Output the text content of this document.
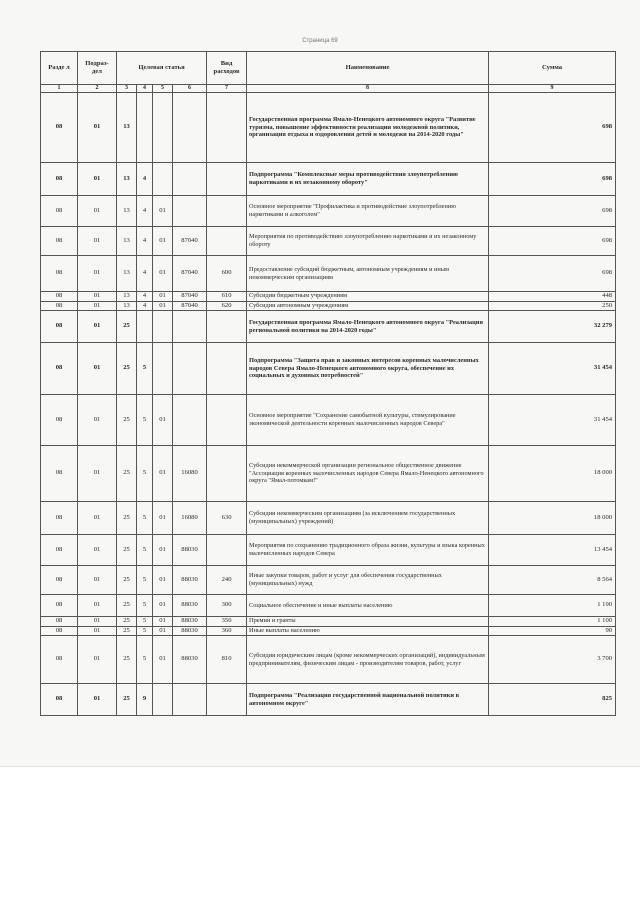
Страница 69
Разде л	Подраз- дел	Целевая статья				Вид расходов	Наименование	Сумма
1	2	3	4	5	6	7	8	9
08	01	13					Государственная программа Ямало-Ненецкого автономного округа "Развитие туризма, повышение эффективности реализации молодежной политики, организация отдыха и оздоровления детей и молодежи на 2014-2020 годы"	698
08	01	13	4				Подпрограмма "Комплексные меры противодействия злоупотреблению наркотиками и их незаконному обороту"	698
08	01	13	4	01			Основное мероприятие "Профилактика и противодействие злоупотреблению наркотиками и алкоголем"	698
08	01	13	4	01	87040		Мероприятия по противодействию злоупотреблению наркотиками и их незаконному обороту	698
08	01	13	4	01	87040	600	Предоставление субсидий бюджетным, автономным учреждениям и иным некоммерческим организациям	698
08	01	13	4	01	87040	610	Субсидии бюджетным учреждениям	448
08	01	13	4	01	87040	620	Субсидии автономным учреждениям	250
08	01	25					Государственная программа Ямало-Ненецкого автономного округа "Реализация региональной политики на 2014-2020 годы"	32 279
08	01	25	5				Подпрограмма "Защита прав и законных интересов коренных малочисленных народов Севера Ямало-Ненецкого автономного округа, обеспечение их социальных и духовных потребностей"	31 454
08	01	25	5	01			Основное мероприятие "Сохранение самобытной культуры, стимулирование экономической деятельности коренных малочисленных народов Севера"	31 454
08	01	25	5	01	16080		Субсидия некоммерческой организации региональное общественное движение "Ассоциация коренных малочисленных народов Севера Ямало-Ненецкого автономного округа "Ямал-потомкам!"	18 000
08	01	25	5	01	16080	630	Субсидии некоммерческим организациям (за исключением государственных (муниципальных) учреждений)	18 000
08	01	25	5	01	88030		Мероприятия по сохранению традиционного образа жизни, культуры и языка коренных малочисленных народов Севера	13 454
08	01	25	5	01	88030	240	Иные закупки товаров, работ и услуг для обеспечения государственных (муниципальных) нужд	8 564
08	01	25	5	01	88030	300	Социальное обеспечение и иные выплаты населению	1 190
08	01	25	5	01	88030	350	Премии и гранты	1 100
08	01	25	5	01	88030	360	Иные выплаты населению	90
08	01	25	5	01	88030	810	Субсидии юридическим лицам (кроме некоммерческих организаций), индивидуальным предпринимателям, физическим лицам - производителям товаров, работ, услуг	3 700
08	01	25	9				Подпрограмма "Реализация государственной национальной политики в автономном округе"	825
